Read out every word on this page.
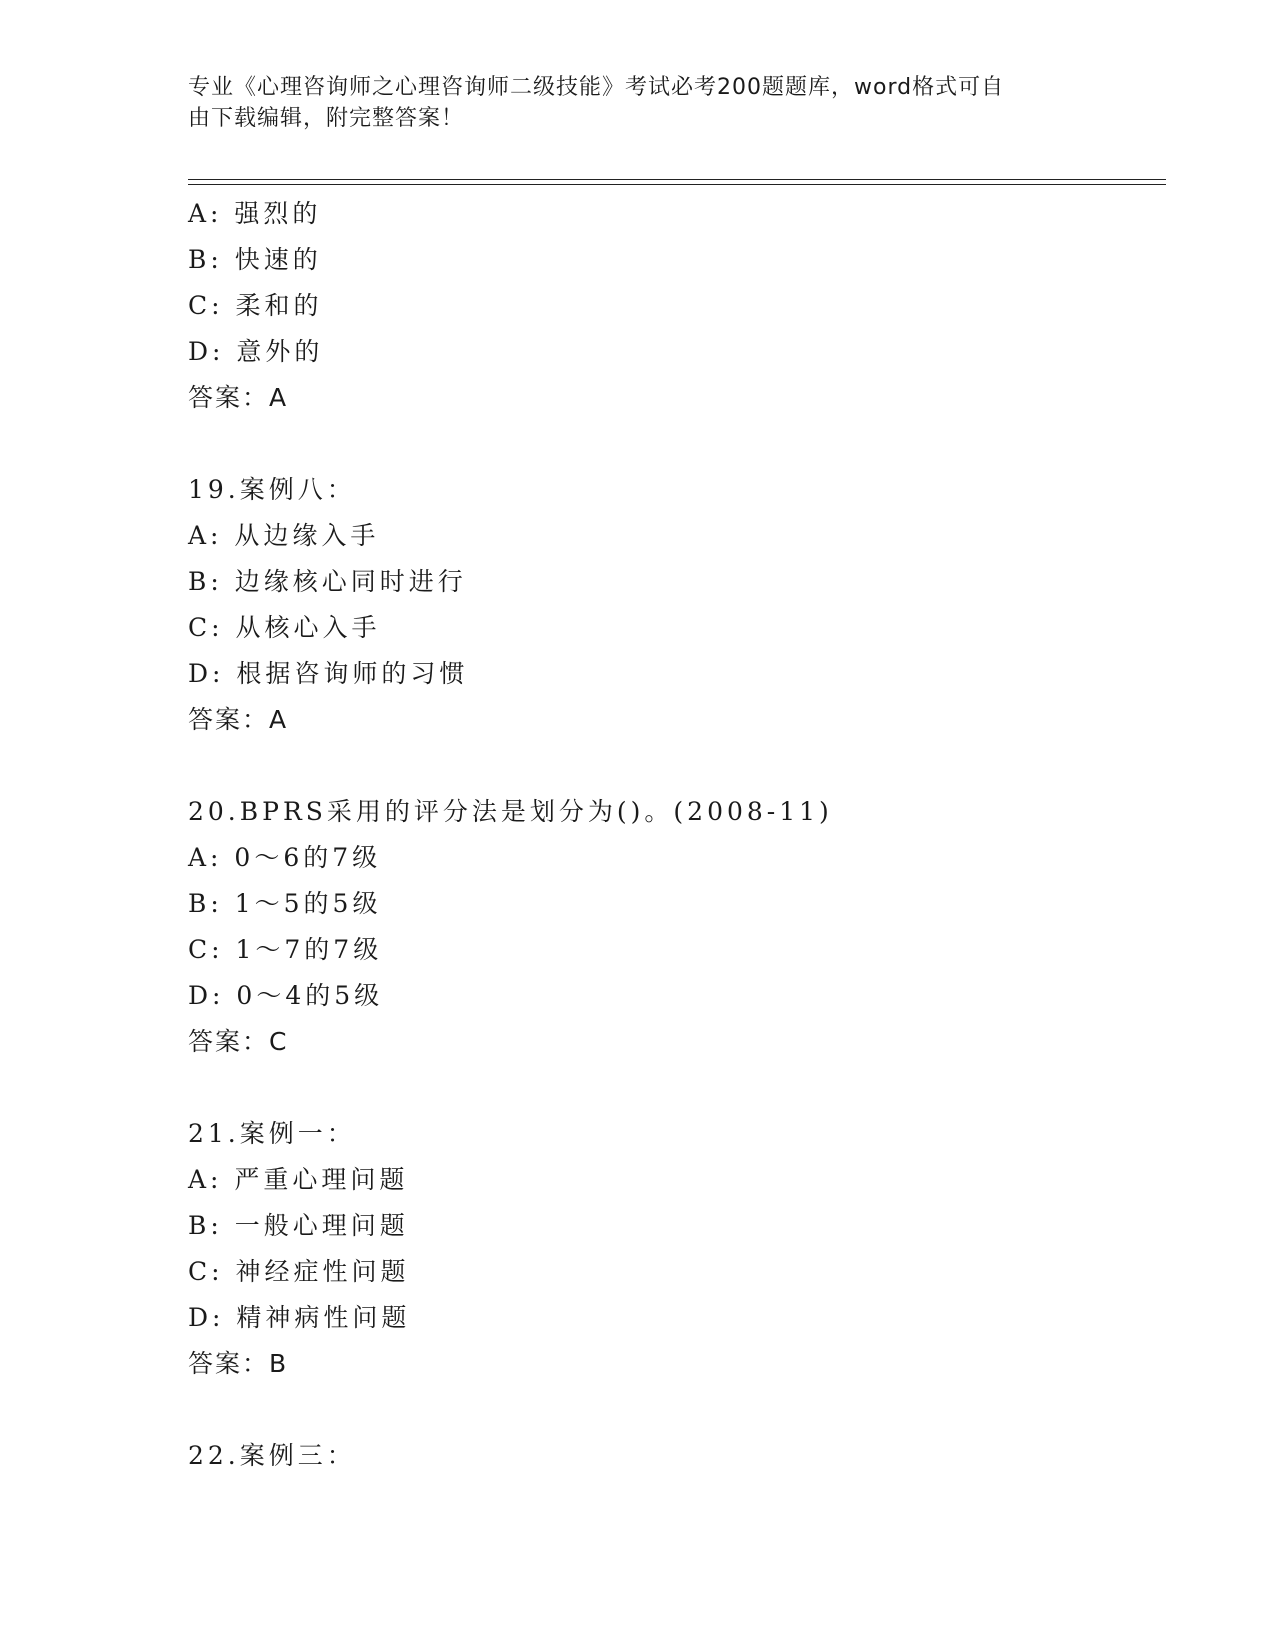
专业《心理咨询师之心理咨询师二级技能》考试必考200题题库，word格式可自
由下载编辑，附完整答案！
A: 强烈的
B: 快速的
C: 柔和的
D: 意外的
答案：A
19.案例八：
A: 从边缘入手
B: 边缘核心同时进行
C: 从核心入手
D: 根据咨询师的习惯
答案：A
20.BPRS采用的评分法是划分为()。(2008-11)
A: 0～6的7级
B: 1～5的5级
C: 1～7的7级
D: 0～4的5级
答案：C
21.案例一：
A: 严重心理问题
B: 一般心理问题
C: 神经症性问题
D: 精神病性问题
答案：B
22.案例三：
